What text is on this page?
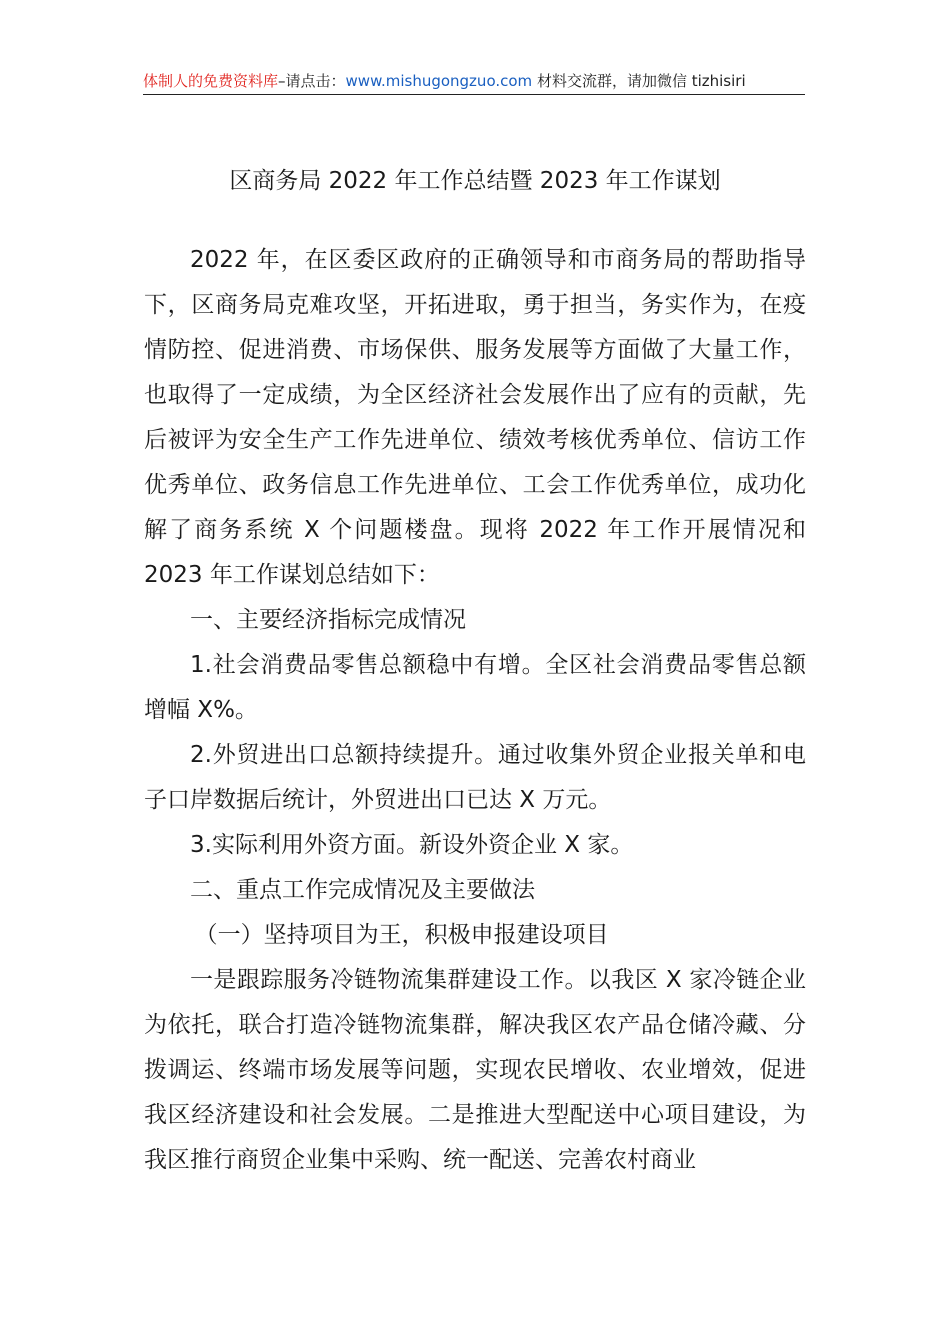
体制人的免费资料库–请点击：www.mishugongzuo.com 材料交流群，请加微信 tizhisiri
区商务局 2022 年工作总结暨 2023 年工作谋划

2022 年，在区委区政府的正确领导和市商务局的帮助指导下，区商务局克难攻坚，开拓进取，勇于担当，务实作为，在疫情防控、促进消费、市场保供、服务发展等方面做了大量工作，也取得了一定成绩，为全区经济社会发展作出了应有的贡献，先后被评为安全生产工作先进单位、绩效考核优秀单位、信访工作优秀单位、政务信息工作先进单位、工会工作优秀单位，成功化解了商务系统 X 个问题楼盘。现将 2022 年工作开展情况和 2023 年工作谋划总结如下：

一、主要经济指标完成情况

1.社会消费品零售总额稳中有增。全区社会消费品零售总额增幅 X%。

2.外贸进出口总额持续提升。通过收集外贸企业报关单和电子口岸数据后统计，外贸进出口已达 X 万元。

3.实际利用外资方面。新设外资企业 X 家。

二、重点工作完成情况及主要做法

（一）坚持项目为王，积极申报建设项目

一是跟踪服务冷链物流集群建设工作。以我区 X 家冷链企业为依托，联合打造冷链物流集群，解决我区农产品仓储冷藏、分拨调运、终端市场发展等问题，实现农民增收、农业增效，促进我区经济建设和社会发展。二是推进大型配送中心项目建设，为我区推行商贸企业集中采购、统一配送、完善农村商业
